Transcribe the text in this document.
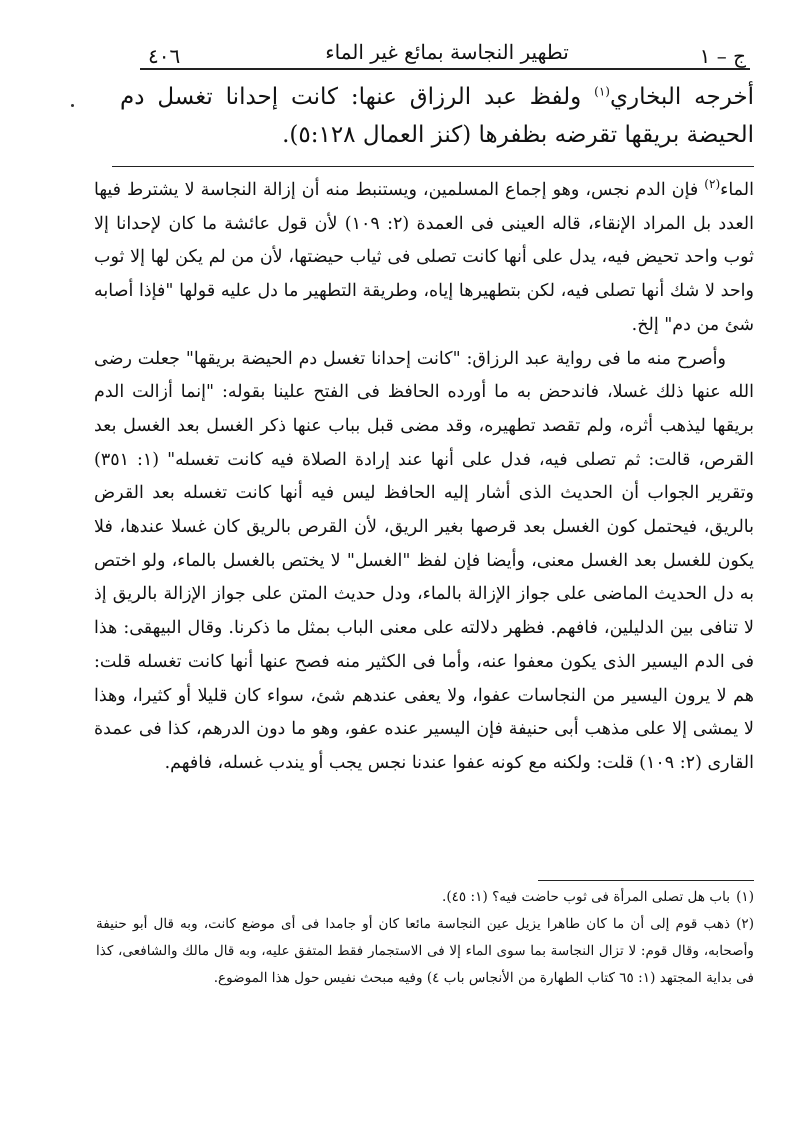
ج – ١
تطهير النجاسة بمائع غير الماء
٤٠٦
أخرجه البخاري$^{(١)}$ ولفظ عبد الرزاق عنها: كانت إحدانا تغسل دم الحيضة بريقها تقرضه بظفرها (كنز العمال ٥:١٢٨).

الماء$^{(٢)}$ فإن الدم نجس، وهو إجماع المسلمين، ويستنبط منه أن إزالة النجاسة لا يشترط فيها العدد بل المراد الإنقاء، قاله العينى فى العمدة (٢: ١٠٩) لأن قول عائشة ما كان لإحدانا إلا ثوب واحد تحيض فيه، يدل على أنها كانت تصلى فى ثياب حيضتها، لأن من لم يكن لها إلا ثوب واحد لا شك أنها تصلى فيه، لكن بتطهيرها إياه، وطريقة التطهير ما دل عليه قولها "فإذا أصابه شئ من دم" إلخ.

وأصرح منه ما فى رواية عبد الرزاق: "كانت إحدانا تغسل دم الحيضة بريقها" جعلت رضى الله عنها ذلك غسلا، فاندحض به ما أورده الحافظ فى الفتح علينا بقوله: "إنما أزالت الدم بريقها ليذهب أثره، ولم تقصد تطهيره، وقد مضى قبل بباب عنها ذكر الغسل بعد الغسل بعد القرص، قالت: ثم تصلى فيه، فدل على أنها عند إرادة الصلاة فيه كانت تغسله" (١: ٣٥١) وتقرير الجواب أن الحديث الذى أشار إليه الحافظ ليس فيه أنها كانت تغسله بعد القرض بالريق، فيحتمل كون الغسل بعد قرصها بغير الريق، لأن القرص بالريق كان غسلا عندها، فلا يكون للغسل بعد الغسل معنى، وأيضا فإن لفظ "الغسل" لا يختص بالغسل بالماء، ولو اختص به دل الحديث الماضى على جواز الإزالة بالماء، ودل حديث المتن على جواز الإزالة بالريق إذ لا تنافى بين الدليلين، فافهم. فظهر دلالته على معنى الباب بمثل ما ذكرنا. وقال البيهقى: هذا فى الدم اليسير الذى يكون معفوا عنه، وأما فى الكثير منه فصح عنها أنها كانت تغسله قلت: هم لا يرون اليسير من النجاسات عفوا، ولا يعفى عندهم شئ، سواء كان قليلا أو كثيرا، وهذا لا يمشى إلا على مذهب أبى حنيفة فإن اليسير عنده عفو، وهو ما دون الدرهم، كذا فى عمدة القارى (٢: ١٠٩) قلت: ولكنه مع كونه عفوا عندنا نجس يجب أو يندب غسله، فافهم.

(١)باب هل تصلى المرأة فى ثوب حاضت فيه؟ (١: ٤٥).

(٢)ذهب قوم إلى أن ما كان طاهرا يزيل عين النجاسة مائعا كان أو جامدا فى أى موضع كانت، وبه قال أبو حنيفة وأصحابه، وقال قوم: لا تزال النجاسة بما سوى الماء إلا فى الاستجمار فقط المتفق عليه، وبه قال مالك والشافعى، كذا فى بداية المجتهد (١: ٦٥ كتاب الطهارة من الأنجاس باب ٤) وفيه مبحث نفيس حول هذا الموضوع.
